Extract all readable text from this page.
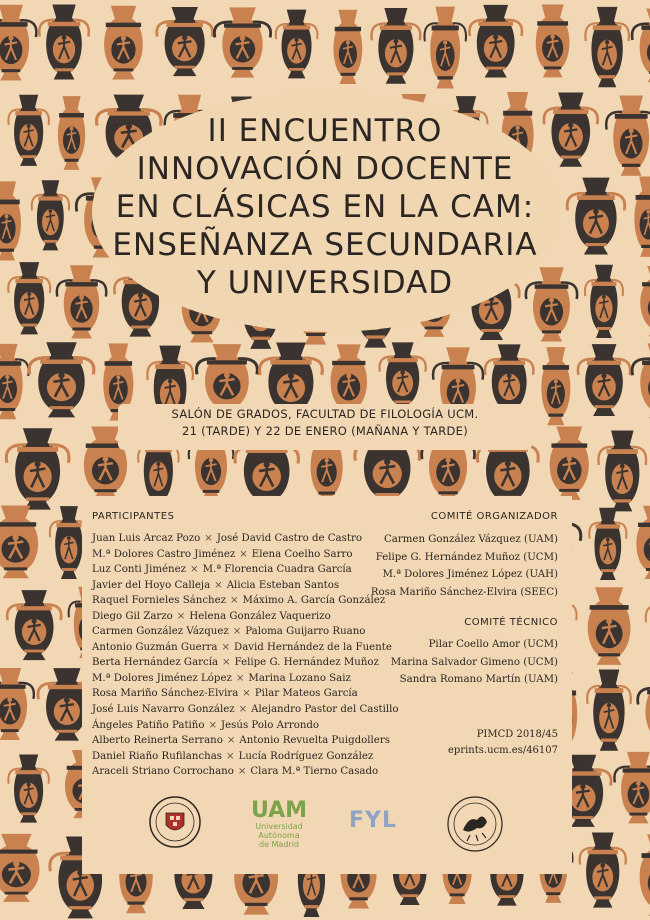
II ENCUENTRO
INNOVACIÓN DOCENTE
EN CLÁSICAS EN LA CAM:
ENSEÑANZA SECUNDARIA
Y UNIVERSIDAD
SALÓN DE GRADOS, FACULTAD DE FILOLOGÍA UCM.
21 (TARDE) Y 22 DE ENERO (MAÑANA Y TARDE)
PARTICIPANTES
Juan Luis Arcaz Pozo × José David Castro de Castro
M.ª Dolores Castro Jiménez × Elena Coelho Sarro
Luz Conti Jiménez × M.ª Florencia Cuadra García
Javier del Hoyo Calleja × Alicia Esteban Santos
Raquel Fornieles Sánchez × Máximo A. García González
Diego Gil Zarzo × Helena González Vaquerizo
Carmen González Vázquez × Paloma Guijarro Ruano
Antonio Guzmán Guerra × David Hernández de la Fuente
Berta Hernández García × Felipe G. Hernández Muñoz
M.ª Dolores Jiménez López × Marina Lozano Saiz
Rosa Mariño Sánchez-Elvira × Pilar Mateos García
José Luis Navarro González × Alejandro Pastor del Castillo
Ángeles Patiño Patiño × Jesús Polo Arrondo
Alberto Reinerta Serrano × Antonio Revuelta Puigdollers
Daniel Riaño Rufilanchas × Lucía Rodríguez González
Araceli Striano Corrochano × Clara M.ª Tierno Casado
COMITÉ ORGANIZADOR
Carmen González Vázquez (UAM)
Felipe G. Hernández Muñoz (UCM)
M.ª Dolores Jiménez López (UAH)
Rosa Mariño Sánchez-Elvira (SEEC)
COMITÉ TÉCNICO
Pilar Coello Amor (UCM)
Marina Salvador Gimeno (UCM)
Sandra Romano Martín (UAM)
PIMCD 2018/45
eprints.ucm.es/46107
UAM
Universidad
Autónoma
de Madrid
FYL
